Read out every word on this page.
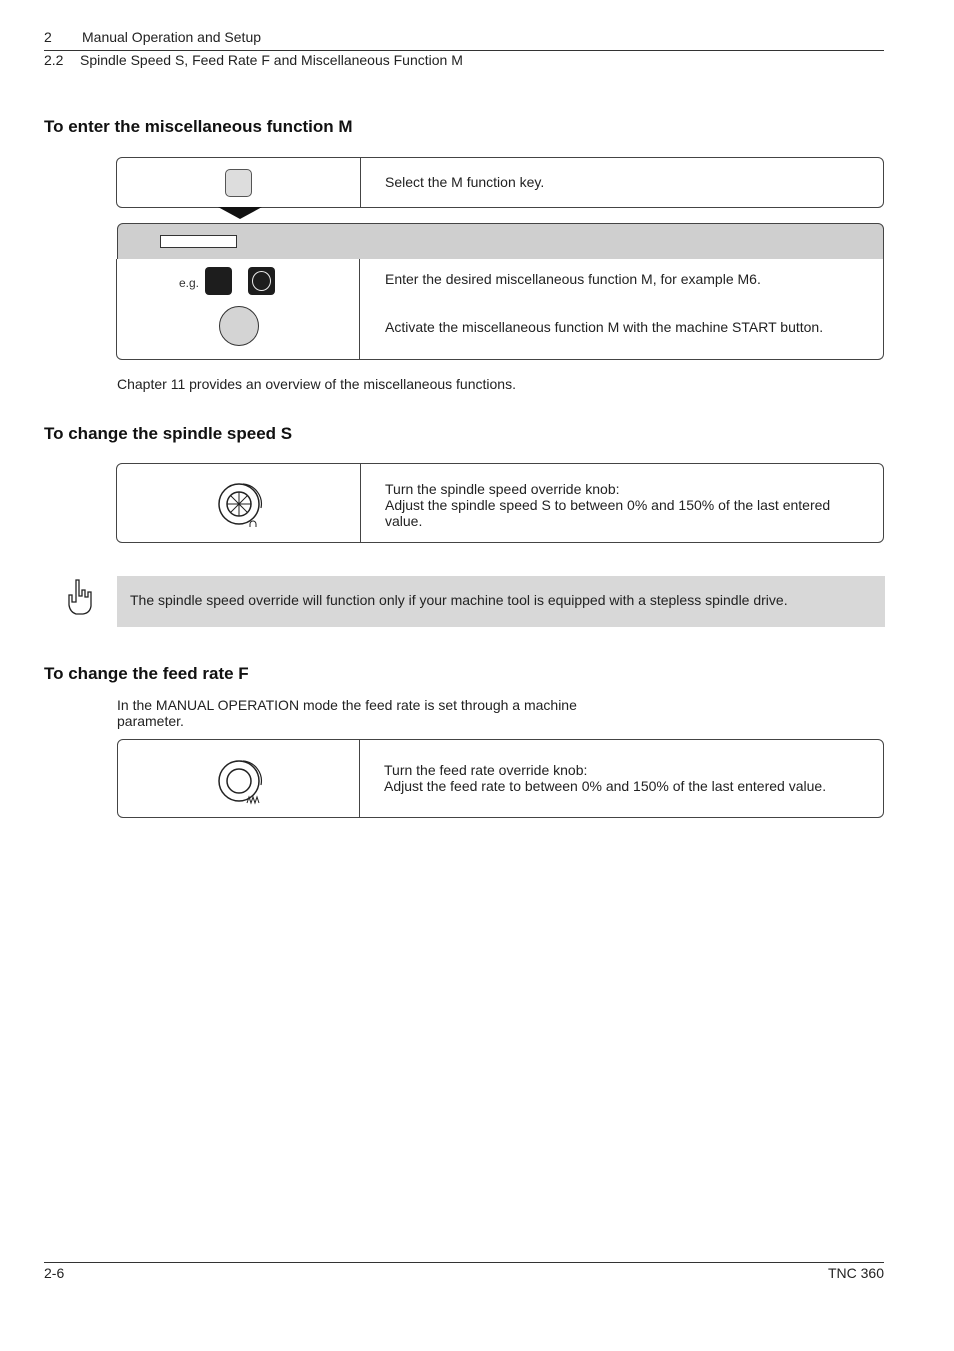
2 Manual Operation and Setup
2.2 Spindle Speed S, Feed Rate F and Miscellaneous Function M
To enter the miscellaneous function M
Select the M function key.
e.g.	Enter the desired miscellaneous function M, for example M6.
Activate the miscellaneous function M with the machine START button.
Chapter 11 provides an overview of the miscellaneous functions.
To change the spindle speed S
Turn the spindle speed override knob:
Adjust the spindle speed S to between 0% and 150% of the last entered
value.
The spindle speed override will function only if your machine tool is equipped with a stepless spindle drive.
To change the feed rate F
In the MANUAL OPERATION mode the feed rate is set through a machine
parameter.
Turn the feed rate override knob:
Adjust the feed rate to between 0% and 150% of the last entered value.
2-6	TNC 360
